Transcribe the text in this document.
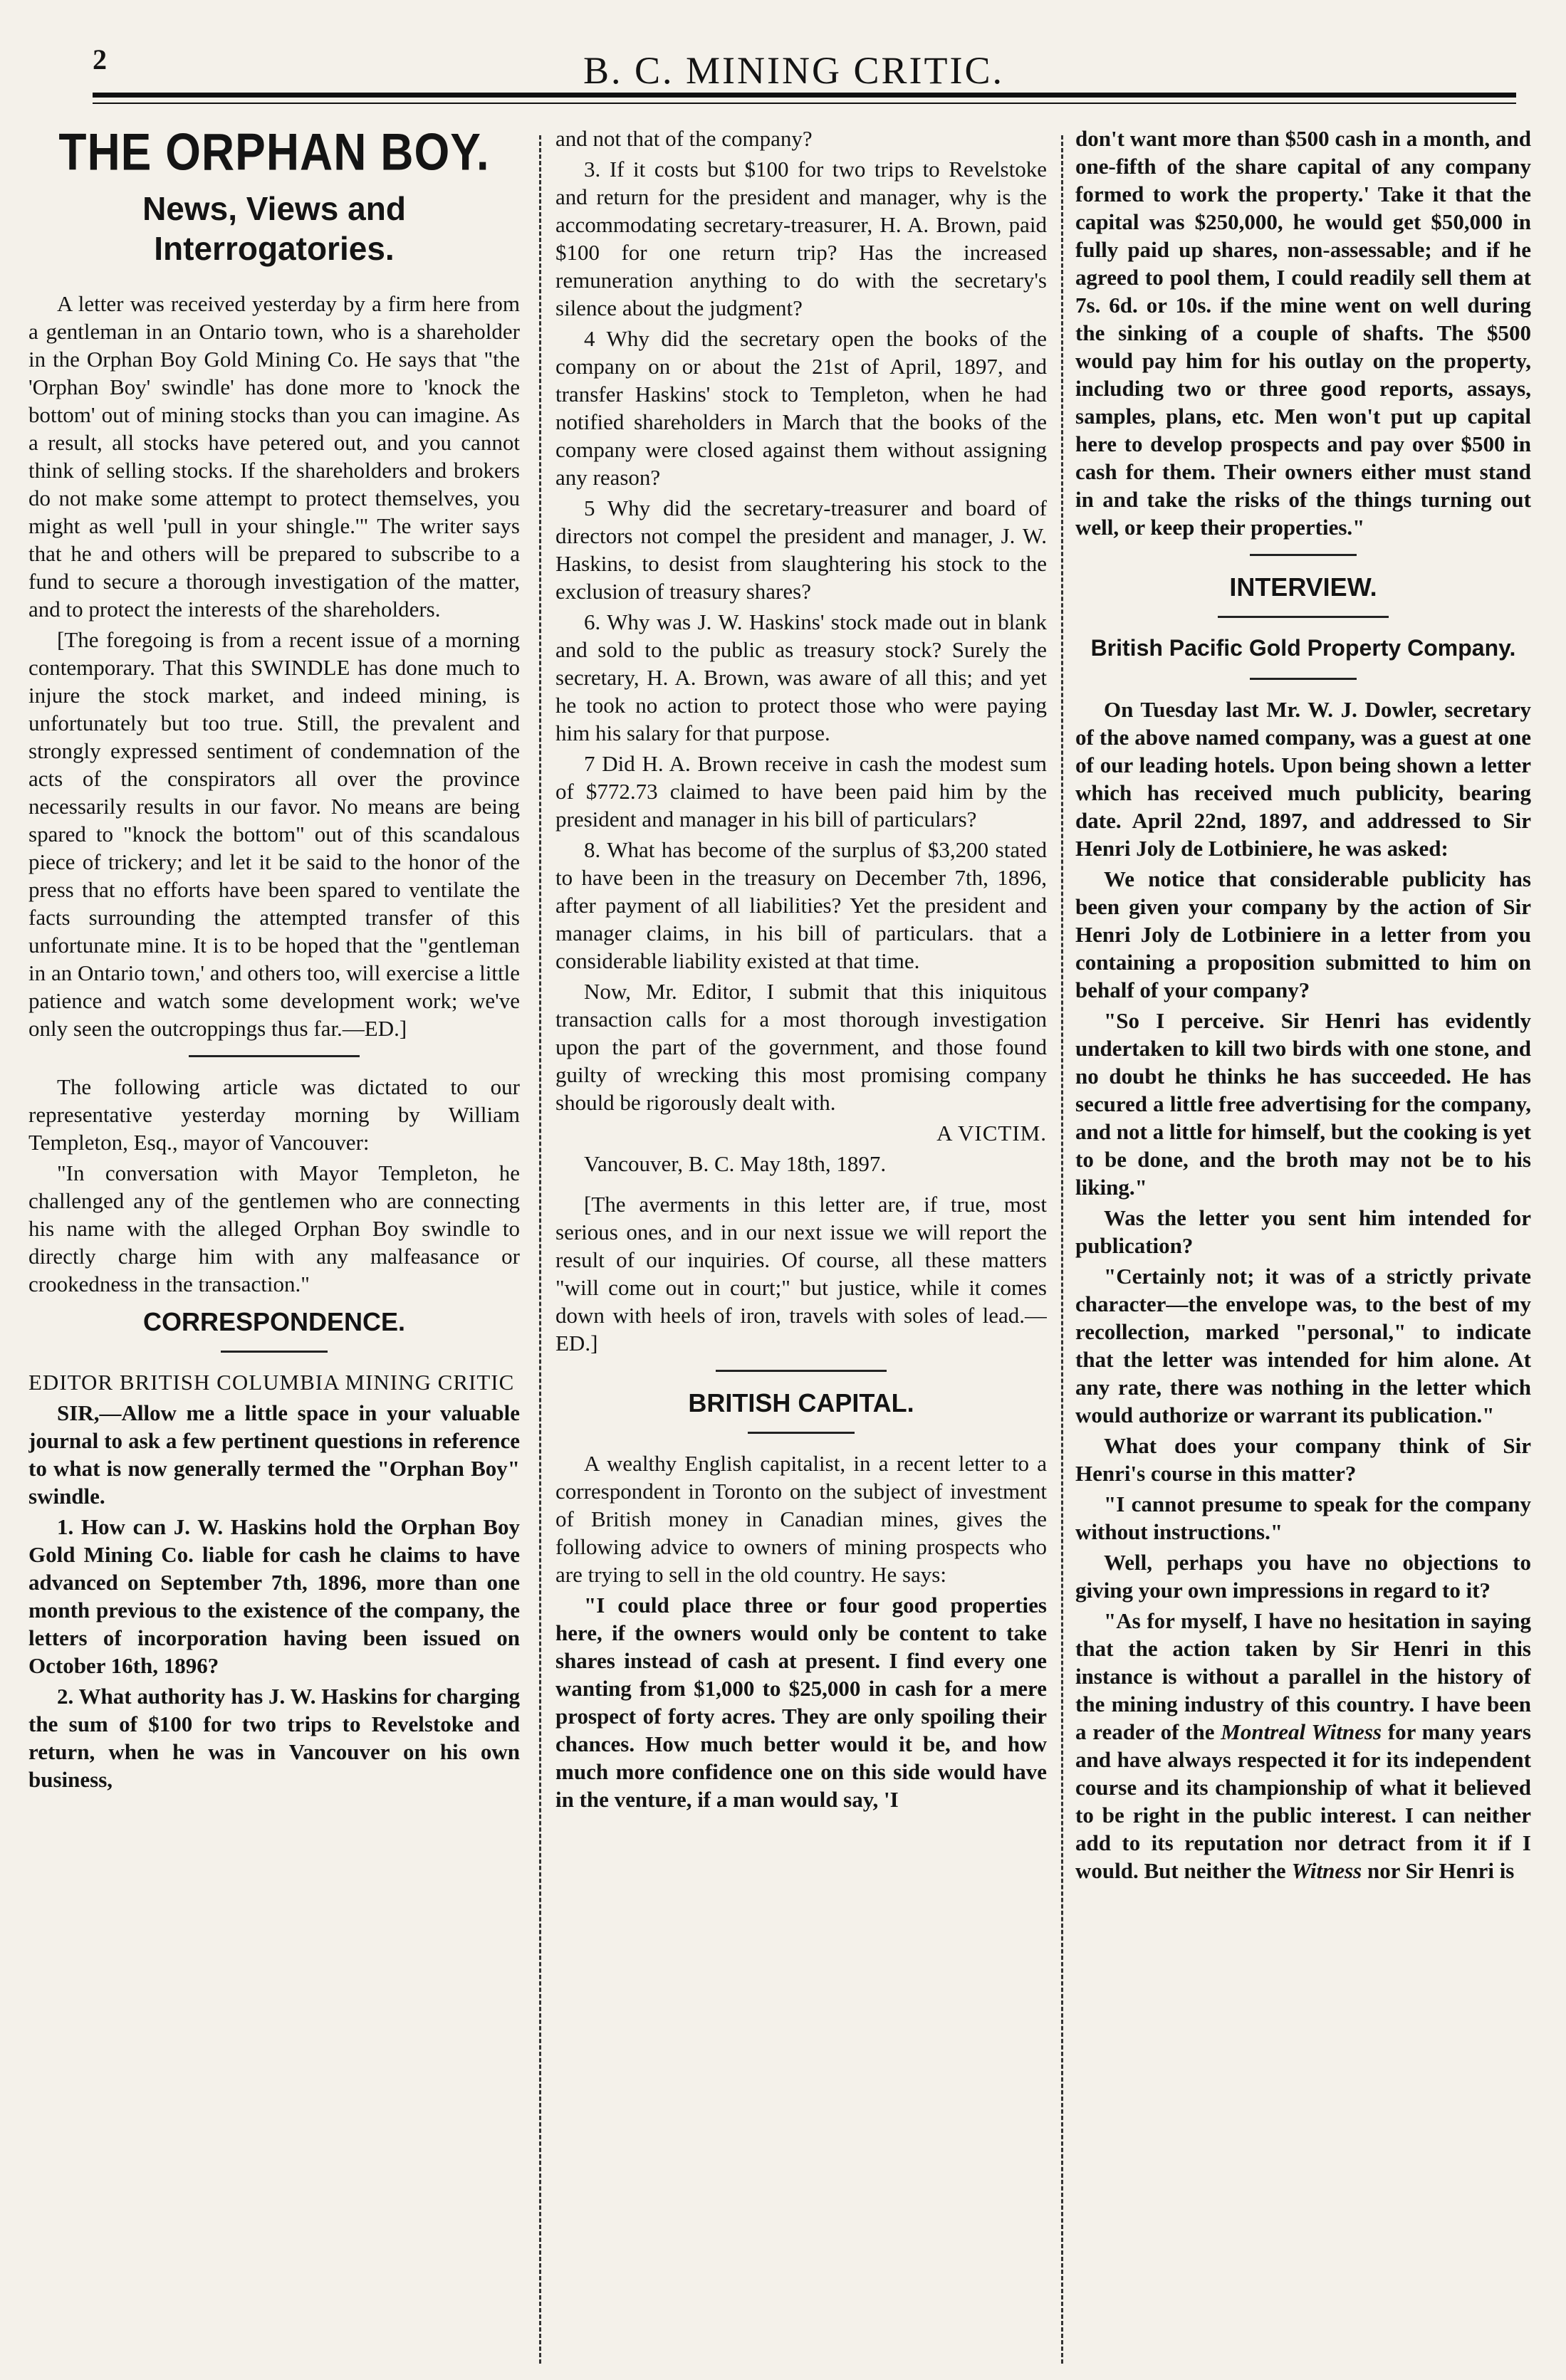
2	B. C. MINING CRITIC.
THE ORPHAN BOY.
News, Views and Interrogatories.

A letter was received yesterday by a firm here from a gentleman in an Ontario town, who is a shareholder in the Orphan Boy Gold Mining Co. He says that "the 'Orphan Boy' swindle' has done more to 'knock the bottom' out of mining stocks than you can imagine. As a result, all stocks have petered out, and you cannot think of selling stocks. If the shareholders and brokers do not make some attempt to protect themselves, you might as well 'pull in your shingle.'" The writer says that he and others will be prepared to subscribe to a fund to secure a thorough investigation of the matter, and to protect the interests of the shareholders.

[The foregoing is from a recent issue of a morning contemporary. That this SWINDLE has done much to injure the stock market, and indeed mining, is unfortunately but too true. Still, the prevalent and strongly expressed sentiment of condemnation of the acts of the conspirators all over the province necessarily results in our favor. No means are being spared to "knock the bottom" out of this scandalous piece of trickery; and let it be said to the honor of the press that no efforts have been spared to ventilate the facts surrounding the attempted transfer of this unfortunate mine. It is to be hoped that the "gentleman in an Ontario town,' and others too, will exercise a little patience and watch some development work; we've only seen the outcroppings thus far.—ED.]

The following article was dictated to our representative yesterday morning by William Templeton, Esq., mayor of Vancouver:

"In conversation with Mayor Templeton, he challenged any of the gentlemen who are connecting his name with the alleged Orphan Boy swindle to directly charge him with any malfeasance or crookedness in the transaction."

CORRESPONDENCE.

EDITOR BRITISH COLUMBIA MINING CRITIC

SIR,—Allow me a little space in your valuable journal to ask a few pertinent questions in reference to what is now generally termed the "Orphan Boy" swindle.

1. How can J. W. Haskins hold the Orphan Boy Gold Mining Co. liable for cash he claims to have advanced on September 7th, 1896, more than one month previous to the existence of the company, the letters of incorporation having been issued on October 16th, 1896?

2. What authority has J. W. Haskins for charging the sum of $100 for two trips to Revelstoke and return, when he was in Vancouver on his own business,

and not that of the company?

3. If it costs but $100 for two trips to Revelstoke and return for the president and manager, why is the accommodating secretary-treasurer, H. A. Brown, paid $100 for one return trip? Has the increased remuneration anything to do with the secretary's silence about the judgment?

4 Why did the secretary open the books of the company on or about the 21st of April, 1897, and transfer Haskins' stock to Templeton, when he had notified shareholders in March that the books of the company were closed against them without assigning any reason?

5 Why did the secretary-treasurer and board of directors not compel the president and manager, J. W. Haskins, to desist from slaughtering his stock to the exclusion of treasury shares?

6. Why was J. W. Haskins' stock made out in blank and sold to the public as treasury stock? Surely the secretary, H. A. Brown, was aware of all this; and yet he took no action to protect those who were paying him his salary for that purpose.

7 Did H. A. Brown receive in cash the modest sum of $772.73 claimed to have been paid him by the president and manager in his bill of particulars?

8. What has become of the surplus of $3,200 stated to have been in the treasury on December 7th, 1896, after payment of all liabilities? Yet the president and manager claims, in his bill of particulars. that a considerable liability existed at that time.

Now, Mr. Editor, I submit that this iniquitous transaction calls for a most thorough investigation upon the part of the government, and those found guilty of wrecking this most promising company should be rigorously dealt with.

A VICTIM.

Vancouver, B. C. May 18th, 1897.

[The averments in this letter are, if true, most serious ones, and in our next issue we will report the result of our inquiries. Of course, all these matters "will come out in court;" but justice, while it comes down with heels of iron, travels with soles of lead.—ED.]

BRITISH CAPITAL.

A wealthy English capitalist, in a recent letter to a correspondent in Toronto on the subject of investment of British money in Canadian mines, gives the following advice to owners of mining prospects who are trying to sell in the old country. He says:

"I could place three or four good properties here, if the owners would only be content to take shares instead of cash at present. I find every one wanting from $1,000 to $25,000 in cash for a mere prospect of forty acres. They are only spoiling their chances. How much better would it be, and how much more confidence one on this side would have in the venture, if a man would say, 'I

don't want more than $500 cash in a month, and one-fifth of the share capital of any company formed to work the property.' Take it that the capital was $250,000, he would get $50,000 in fully paid up shares, non-assessable; and if he agreed to pool them, I could readily sell them at 7s. 6d. or 10s. if the mine went on well during the sinking of a couple of shafts. The $500 would pay him for his outlay on the property, including two or three good reports, assays, samples, plans, etc. Men won't put up capital here to develop prospects and pay over $500 in cash for them. Their owners either must stand in and take the risks of the things turning out well, or keep their properties."

INTERVIEW.
British Pacific Gold Property Company.

On Tuesday last Mr. W. J. Dowler, secretary of the above named company, was a guest at one of our leading hotels. Upon being shown a letter which has received much publicity, bearing date. April 22nd, 1897, and addressed to Sir Henri Joly de Lotbiniere, he was asked:

We notice that considerable publicity has been given your company by the action of Sir Henri Joly de Lotbiniere in a letter from you containing a proposition submitted to him on behalf of your company?

"So I perceive. Sir Henri has evidently undertaken to kill two birds with one stone, and no doubt he thinks he has succeeded. He has secured a little free advertising for the company, and not a little for himself, but the cooking is yet to be done, and the broth may not be to his liking."

Was the letter you sent him intended for publication?

"Certainly not; it was of a strictly private character—the envelope was, to the best of my recollection, marked "personal," to indicate that the letter was intended for him alone. At any rate, there was nothing in the letter which would authorize or warrant its publication."

What does your company think of Sir Henri's course in this matter?

"I cannot presume to speak for the company without instructions."

Well, perhaps you have no objections to giving your own impressions in regard to it?

"As for myself, I have no hesitation in saying that the action taken by Sir Henri in this instance is without a parallel in the history of the mining industry of this country. I have been a reader of the Montreal Witness for many years and have always respected it for its independent course and its championship of what it believed to be right in the public interest. I can neither add to its reputation nor detract from it if I would. But neither the Witness nor Sir Henri is
